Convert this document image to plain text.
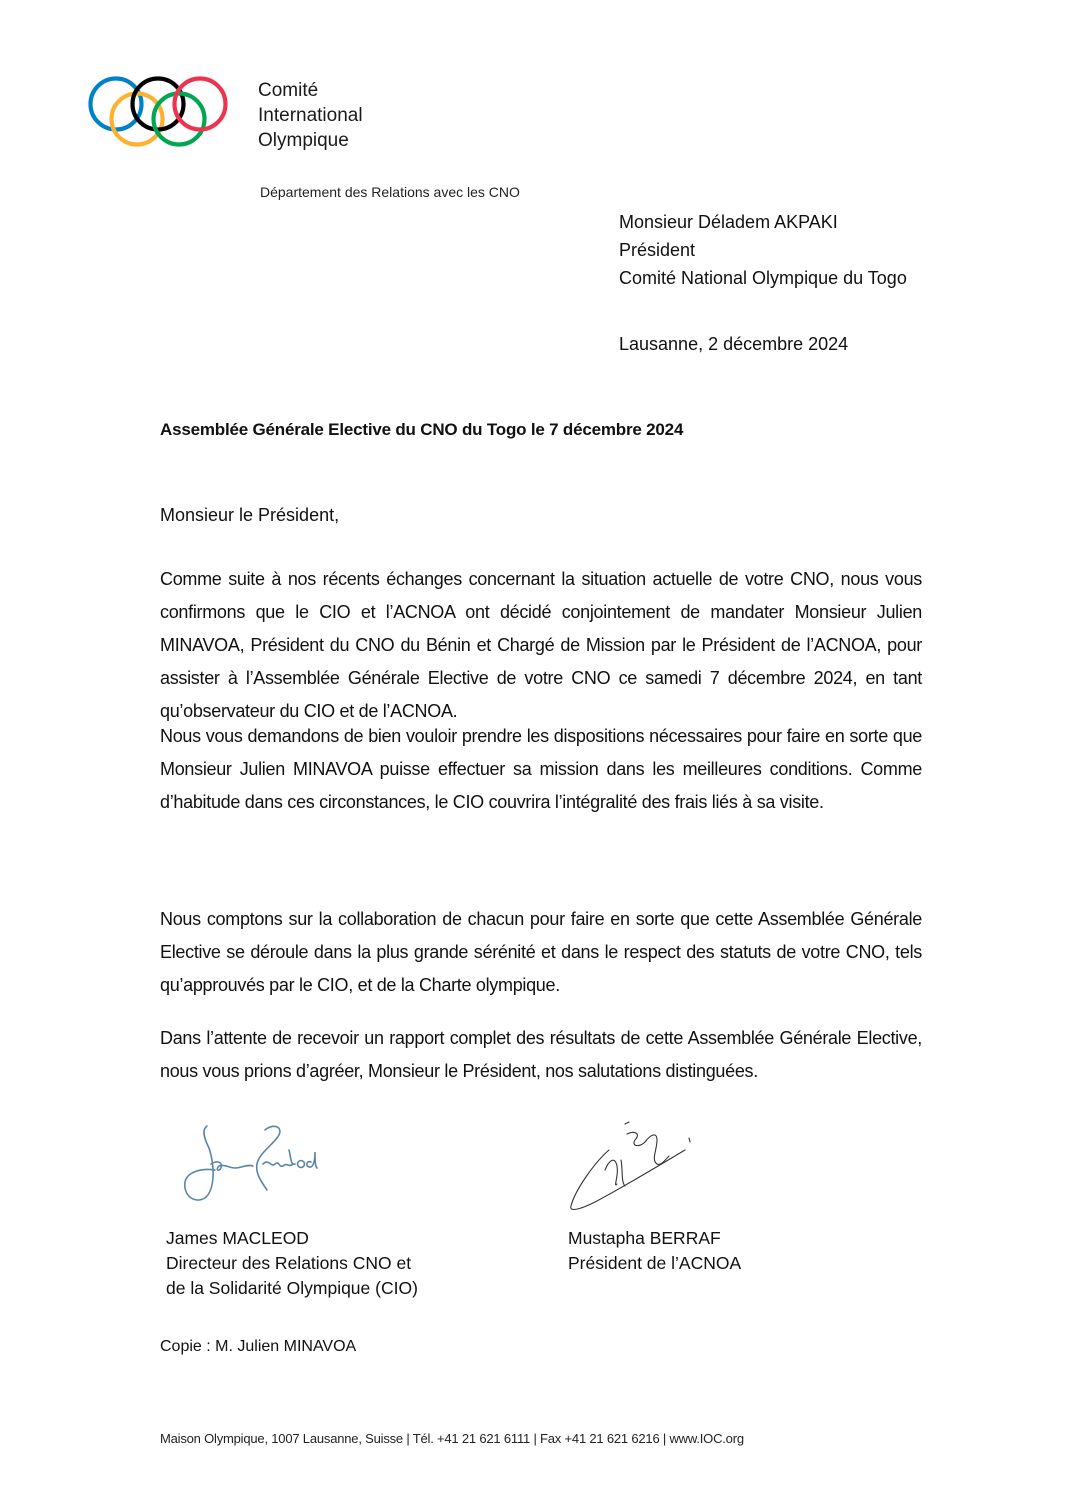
Comité
International
Olympique
Département des Relations avec les CNO
Monsieur Déladem AKPAKI
Président
Comité National Olympique du Togo
Lausanne, 2 décembre 2024
Assemblée Générale Elective du CNO du Togo le 7 décembre 2024
Monsieur le Président,
Comme suite à nos récents échanges concernant la situation actuelle de votre CNO, nous vous confirmons que le CIO et l’ACNOA ont décidé conjointement de mandater Monsieur Julien MINAVOA, Président du CNO du Bénin et Chargé de Mission par le Président de l’ACNOA, pour assister à l’Assemblée Générale Elective de votre CNO ce samedi 7 décembre 2024, en tant qu’observateur du CIO et de l’ACNOA.
Nous vous demandons de bien vouloir prendre les dispositions nécessaires pour faire en sorte que Monsieur Julien MINAVOA puisse effectuer sa mission dans les meilleures conditions. Comme d’habitude dans ces circonstances, le CIO couvrira l’intégralité des frais liés à sa visite.
Nous comptons sur la collaboration de chacun pour faire en sorte que cette Assemblée Générale Elective se déroule dans la plus grande sérénité et dans le respect des statuts de votre CNO, tels qu’approuvés par le CIO, et de la Charte olympique.
Dans l’attente de recevoir un rapport complet des résultats de cette Assemblée Générale Elective, nous vous prions d’agréer, Monsieur le Président, nos salutations distinguées.
James MACLEOD
Directeur des Relations CNO et
de la Solidarité Olympique (CIO)
Mustapha BERRAF
Président de l’ACNOA
Copie : M. Julien MINAVOA
Maison Olympique, 1007 Lausanne, Suisse | Tél. +41 21 621 6111 | Fax +41 21 621 6216 | www.IOC.org
